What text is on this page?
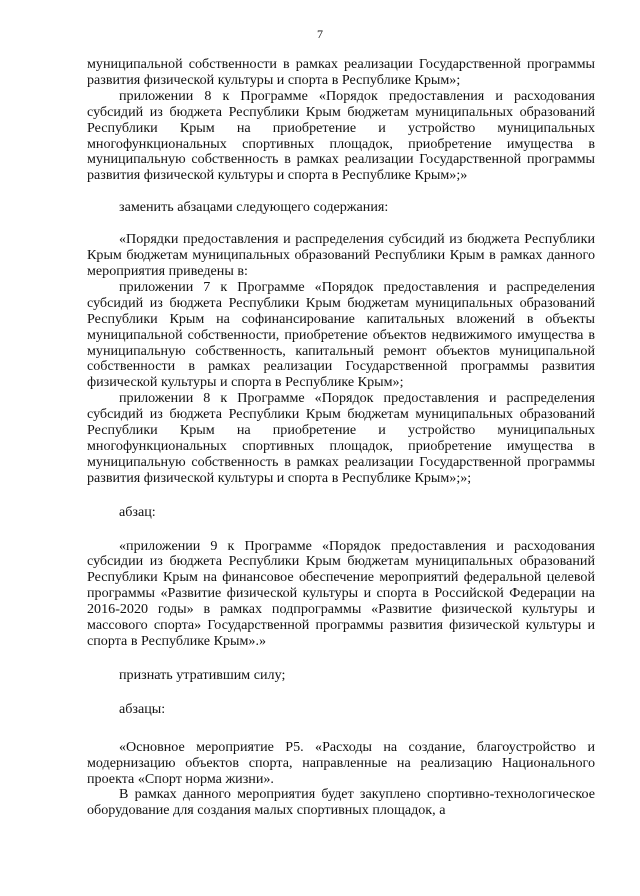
7

муниципальной собственности в рамках реализации Государственной программы развития физической культуры и спорта в Республике Крым»;

приложении 8 к Программе «Порядок предоставления и расходования субсидий из бюджета Республики Крым бюджетам муниципальных образований Республики Крым на приобретение и устройство муниципальных многофункциональных спортивных площадок, приобретение имущества в муниципальную собственность в рамках реализации Государственной программы развития физической культуры и спорта в Республике Крым»;»

заменить абзацами следующего содержания:

«Порядки предоставления и распределения субсидий из бюджета Республики Крым бюджетам муниципальных образований Республики Крым в рамках данного мероприятия приведены в:

приложении 7 к Программе «Порядок предоставления и распределения субсидий из бюджета Республики Крым бюджетам муниципальных образований Республики Крым на софинансирование капитальных вложений в объекты муниципальной собственности, приобретение объектов недвижимого имущества в муниципальную собственность, капитальный ремонт объектов муниципальной собственности в рамках реализации Государственной программы развития физической культуры и спорта в Республике Крым»;

приложении 8 к Программе «Порядок предоставления и распределения субсидий из бюджета Республики Крым бюджетам муниципальных образований Республики Крым на приобретение и устройство муниципальных многофункциональных спортивных площадок, приобретение имущества в муниципальную собственность в рамках реализации Государственной программы развития физической культуры и спорта в Республике Крым»;»;

абзац:

«приложении 9 к Программе «Порядок предоставления и расходования субсидии из бюджета Республики Крым бюджетам муниципальных образований Республики Крым на финансовое обеспечение мероприятий федеральной целевой программы «Развитие физической культуры и спорта в Российской Федерации на 2016-2020 годы» в рамках подпрограммы «Развитие физической культуры и массового спорта» Государственной программы развития физической культуры и спорта в Республике Крым».»

признать утратившим силу;

абзацы:

«Основное мероприятие Р5. «Расходы на создание, благоустройство и модернизацию объектов спорта, направленные на реализацию Национального проекта «Спорт норма жизни».

В рамках данного мероприятия будет закуплено спортивно-технологическое оборудование для создания малых спортивных площадок, а
